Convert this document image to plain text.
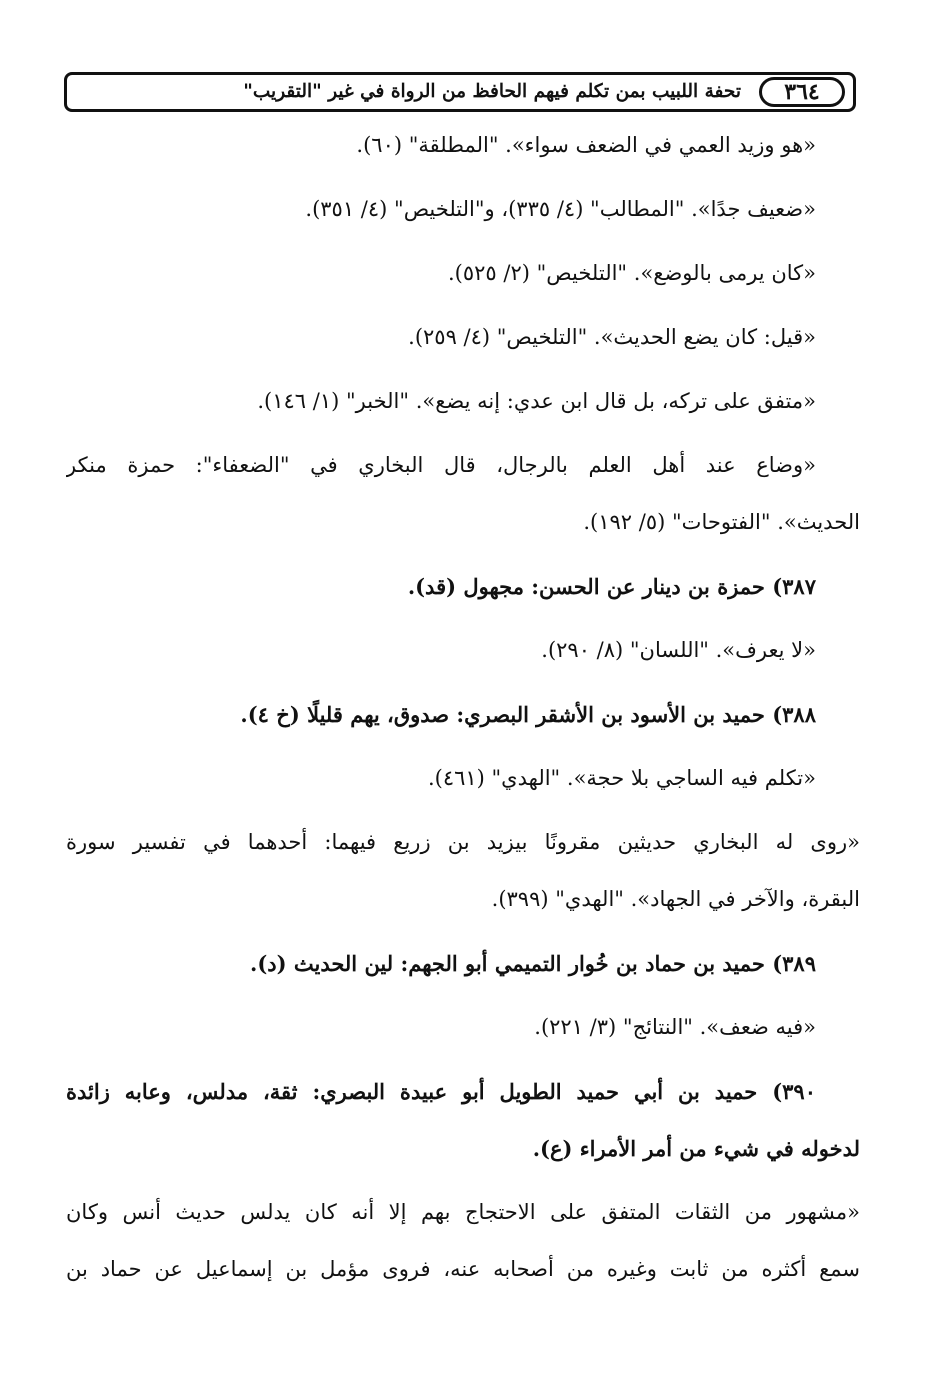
٣٦٤
تحفة اللبيب بمن تكلم فيهم الحافظ من الرواة في غير "التقريب"
«هو وزيد العمي في الضعف سواء». "المطلقة" (٦٠).
«ضعيف جدًا». "المطالب" (٤/ ٣٣٥)، و"التلخيص" (٤/ ٣٥١).
«كان يرمى بالوضع». "التلخيص" (٢/ ٥٢٥).
«قيل: كان يضع الحديث». "التلخيص" (٤/ ٢٥٩).
«متفق على تركه، بل قال ابن عدي: إنه يضع». "الخبر" (١/ ١٤٦).
«وضاع عند أهل العلم بالرجال، قال البخاري في "الضعفاء": حمزة منكر
الحديث». "الفتوحات" (٥/ ١٩٢).
٣٨٧) حمزة بن دينار عن الحسن: مجهول (قد).
«لا يعرف». "اللسان" (٨/ ٢٩٠).
٣٨٨) حميد بن الأسود بن الأشقر البصري: صدوق، يهم قليلًا (خ ٤).
«تكلم فيه الساجي بلا حجة». "الهدي" (٤٦١).
«روى له البخاري حديثين مقرونًا بيزيد بن زريع فيهما: أحدهما في تفسير سورة
البقرة، والآخر في الجهاد». "الهدي" (٣٩٩).
٣٨٩) حميد بن حماد بن خُوار التميمي أبو الجهم: لين الحديث (د).
«فيه ضعف». "النتائج" (٣/ ٢٢١).
٣٩٠) حميد بن أبي حميد الطويل أبو عبيدة البصري: ثقة، مدلس، وعابه زائدة
لدخوله في شيء من أمر الأمراء (ع).
«مشهور من الثقات المتفق على الاحتجاج بهم إلا أنه كان يدلس حديث أنس وكان
سمع أكثره من ثابت وغيره من أصحابه عنه، فروى مؤمل بن إسماعيل عن حماد بن
